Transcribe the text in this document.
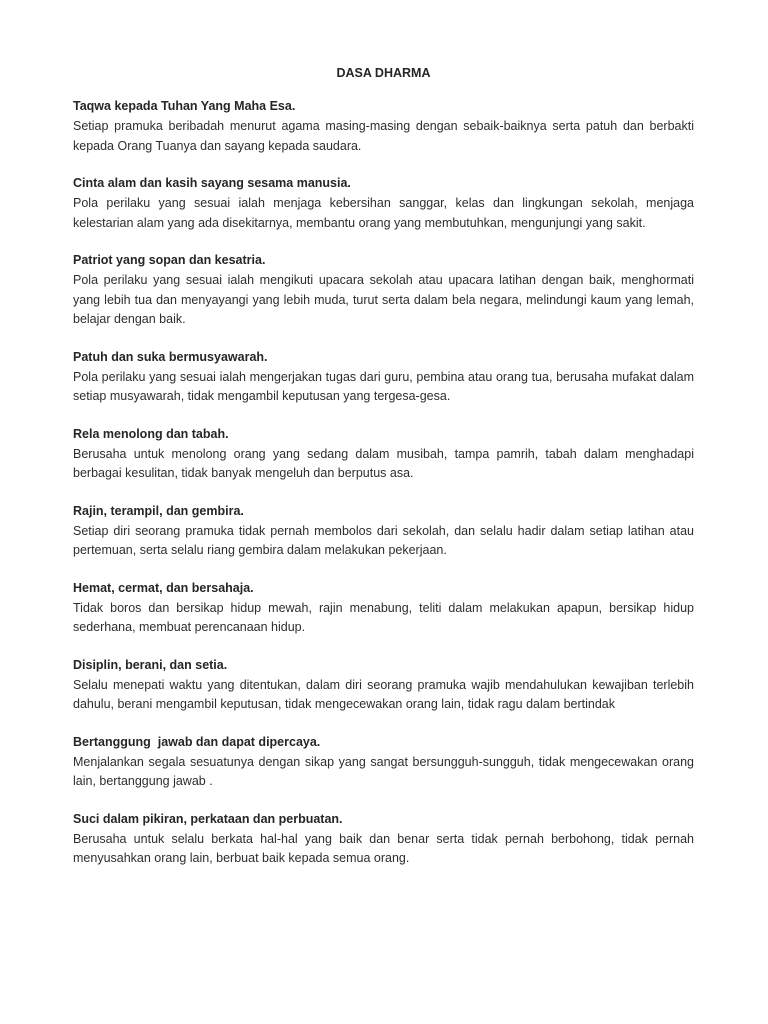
DASA DHARMA
Taqwa kepada Tuhan Yang Maha Esa.

Setiap pramuka beribadah menurut agama masing-masing dengan sebaik-baiknya serta patuh dan berbakti kepada Orang Tuanya dan sayang kepada saudara.

Cinta alam dan kasih sayang sesama manusia.

Pola perilaku yang sesuai ialah menjaga kebersihan sanggar, kelas dan lingkungan sekolah, menjaga kelestarian alam yang ada disekitarnya, membantu orang yang membutuhkan, mengunjungi yang sakit.

Patriot yang sopan dan kesatria.

Pola perilaku yang sesuai ialah mengikuti upacara sekolah atau upacara latihan dengan baik, menghormati yang lebih tua dan menyayangi yang lebih muda, turut serta dalam bela negara, melindungi kaum yang lemah, belajar dengan baik.

Patuh dan suka bermusyawarah.

Pola perilaku yang sesuai ialah mengerjakan tugas dari guru, pembina atau orang tua, berusaha mufakat dalam setiap musyawarah, tidak mengambil keputusan yang tergesa-gesa.

Rela menolong dan tabah.

Berusaha untuk menolong orang yang sedang dalam musibah, tampa pamrih, tabah dalam menghadapi berbagai kesulitan, tidak banyak mengeluh dan berputus asa.

Rajin, terampil, dan gembira.

Setiap diri seorang pramuka tidak pernah membolos dari sekolah, dan selalu hadir dalam setiap latihan atau pertemuan, serta selalu riang gembira dalam melakukan pekerjaan.

Hemat, cermat, dan bersahaja.

Tidak boros dan bersikap hidup mewah, rajin menabung, teliti dalam melakukan apapun, bersikap hidup sederhana, membuat perencanaan hidup.

Disiplin, berani, dan setia.

Selalu menepati waktu yang ditentukan, dalam diri seorang pramuka wajib mendahulukan kewajiban terlebih dahulu, berani mengambil keputusan, tidak mengecewakan orang lain, tidak ragu dalam bertindak

Bertanggung  jawab dan dapat dipercaya.

Menjalankan segala sesuatunya dengan sikap yang sangat bersungguh-sungguh, tidak mengecewakan orang lain, bertanggung jawab .

Suci dalam pikiran, perkataan dan perbuatan.

Berusaha untuk selalu berkata hal-hal yang baik dan benar serta tidak pernah berbohong, tidak pernah menyusahkan orang lain, berbuat baik kepada semua orang.
